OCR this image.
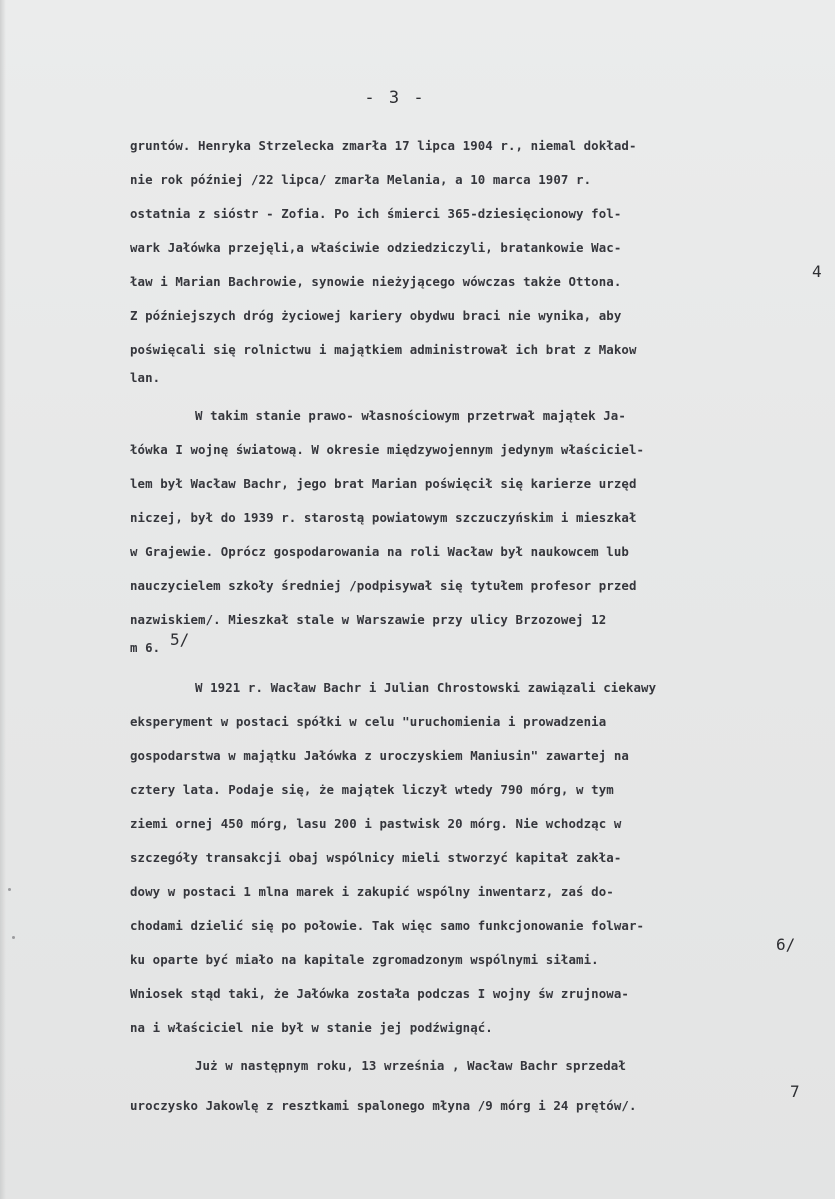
- 3 -
gruntów. Henryka Strzelecka zmarła 17 lipca 1904 r., niemal dokład-
nie rok później /22 lipca/ zmarła Melania, a 10 marca 1907 r.
ostatnia z sióstr - Zofia. Po ich śmierci 365-dziesięcionowy fol-
wark Jałówka przejęli,a właściwie odziedziczyli, bratankowie Wac-
ław i Marian Bachrowie, synowie nieżyjącego wówczas także Ottona.
Z późniejszych dróg życiowej kariery obydwu braci nie wynika, aby
poświęcali się rolnictwu i majątkiem administrował ich brat z Makow
lan.
W takim stanie prawo- własnościowym przetrwał majątek Ja-
łówka I wojnę światową. W okresie międzywojennym jedynym właściciel-
lem był Wacław Bachr, jego brat Marian poświęcił się karierze urzęd
niczej, był do 1939 r. starostą powiatowym szczuczyńskim i mieszkał
w Grajewie. Oprócz gospodarowania na roli Wacław był naukowcem lub
nauczycielem szkoły średniej /podpisywał się tytułem profesor przed
nazwiskiem/. Mieszkał stale w Warszawie przy ulicy Brzozowej 12
m 6.
W 1921 r. Wacław Bachr i Julian Chrostowski zawiązali ciekawy
eksperyment w postaci spółki w celu "uruchomienia i prowadzenia
gospodarstwa w majątku Jałówka z uroczyskiem Maniusin" zawartej na
cztery lata. Podaje się, że majątek liczył wtedy 790 mórg, w tym
ziemi ornej 450 mórg, lasu 200 i pastwisk 20 mórg. Nie wchodząc w
szczegóły transakcji obaj wspólnicy mieli stworzyć kapitał zakła-
dowy w postaci 1 mlna marek i zakupić wspólny inwentarz, zaś do-
chodami dzielić się po połowie. Tak więc samo funkcjonowanie folwar-
ku oparte być miało na kapitale zgromadzonym wspólnymi siłami.
Wniosek stąd taki, że Jałówka została podczas I wojny św zrujnowa-
na i właściciel nie był w stanie jej podźwignąć.
Już w następnym roku, 13 września , Wacław Bachr sprzedał
uroczysko Jakowlę z resztkami spalonego młyna /9 mórg i 24 prętów/.
4
5/
6/
7
